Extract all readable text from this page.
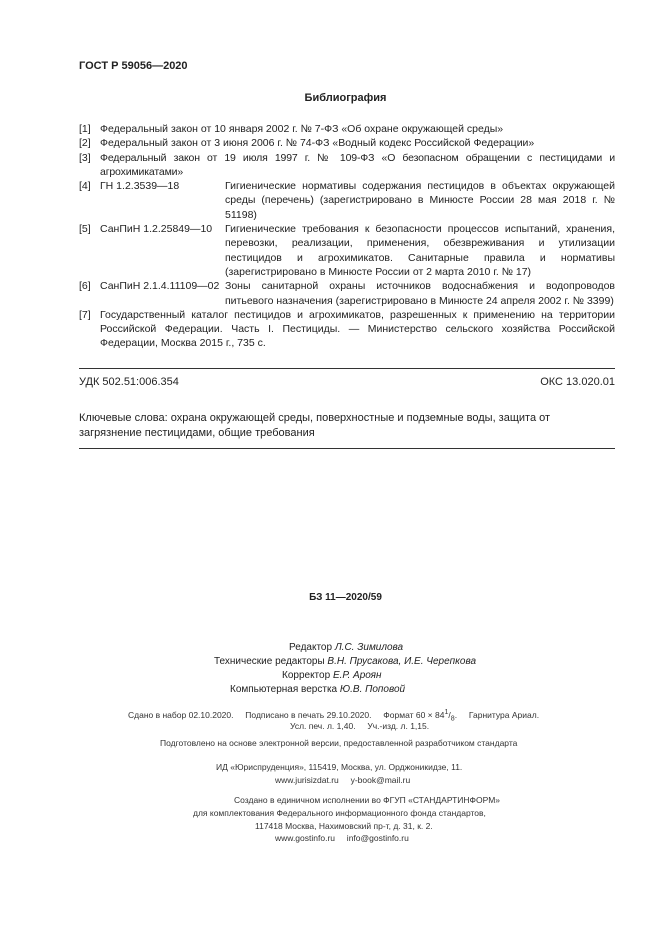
ГОСТ Р 59056—2020
Библиография
[1] Федеральный закон от 10 января 2002 г. № 7-ФЗ «Об охране окружающей среды»
[2] Федеральный закон от 3 июня 2006 г. № 74-ФЗ «Водный кодекс Российской Федерации»
[3] Федеральный закон от 19 июля 1997 г. № 109-ФЗ «О безопасном обращении с пестицидами и агрохимикатами»
[4] ГН 1.2.3539—18	Гигиенические нормативы содержания пестицидов в объектах окружающей среды (перечень) (зарегистрировано в Минюсте России 28 мая 2018 г. № 51198)
[5] СанПиН 1.2.25849—10	Гигиенические требования к безопасности процессов испытаний, хранения, перевозки, реализации, применения, обезвреживания и утилизации пестицидов и агрохимикатов. Санитарные правила и нормативы (зарегистрировано в Минюсте России от 2 марта 2010 г. № 17)
[6] СанПиН 2.1.4.11109—02 Зоны санитарной охраны источников водоснабжения и водопроводов питьевого назначения (зарегистрировано в Минюсте 24 апреля 2002 г. № 3399)
[7] Государственный каталог пестицидов и агрохимикатов, разрешенных к применению на территории Российской Федерации. Часть I. Пестициды. — Министерство сельского хозяйства Российской Федерации, Москва 2015 г., 735 с.
УДК 502.51:006.354	ОКС 13.020.01
Ключевые слова: охрана окружающей среды, поверхностные и подземные воды, защита от загрязнение пестицидами, общие требования
БЗ 11—2020/59
Редактор Л.С. Зимилова
Технические редакторы В.Н. Прусакова, И.Е. Черепкова
Корректор Е.Р. Ароян
Компьютерная верстка Ю.В. Поповой
Сдано в набор 02.10.2020.     Подписано в печать 29.10.2020.     Формат $60 \times 84^1/_8$.     Гарнитура Ариал.
Усл. печ. л. 1,40.     Уч.-изд. л. 1,15.
Подготовлено на основе электронной версии, предоставленной разработчиком стандарта
ИД «Юриспруденция», 115419, Москва, ул. Орджоникидзе, 11.
www.jurisizdat.ru     y-book@mail.ru
Создано в единичном исполнении во ФГУП «СТАНДАРТИНФОРМ»
для комплектования Федерального информационного фонда стандартов,
117418 Москва, Нахимовский пр-т, д. 31, к. 2.
www.gostinfo.ru     info@gostinfo.ru
